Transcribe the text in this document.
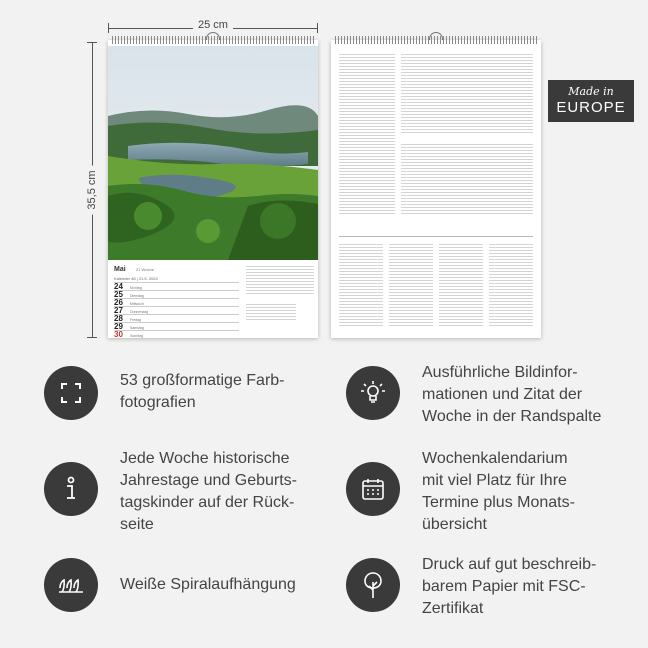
25 cm
35,5 cm
Mai	21 Woche
Kalender 48 | 21.5. 2024
24 Montag
25 Dienstag
26 Mittwoch
27 Donnerstag
28 Freitag
29 Samstag
30 Sonntag
Made in
EUROPE
53 großformatige Farb-
fotografien
Ausführliche Bildinfor-
mationen und Zitat der
Woche in der Randspalte
Jede Woche historische
Jahrestage und Geburts-
tagskinder auf der Rück-
seite
Wochenkalendarium
mit viel Platz für Ihre
Termine plus Monats-
übersicht
Weiße Spiralaufhängung
Druck auf gut beschreib-
barem Papier mit FSC-
Zertifikat
